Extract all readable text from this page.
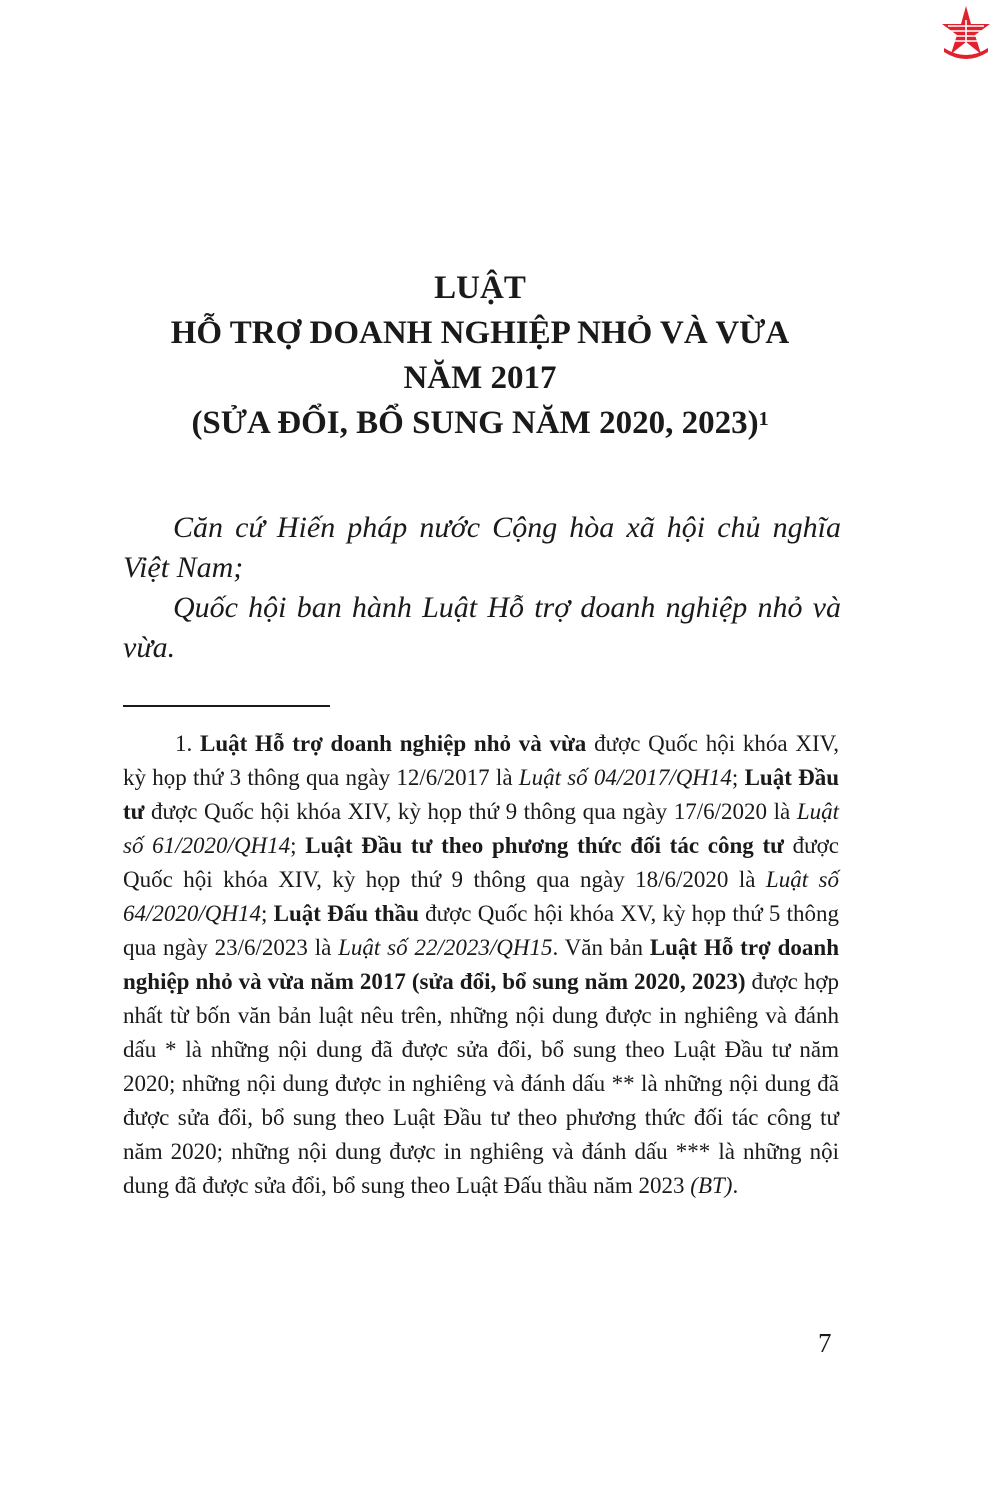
LUẬT
HỖ TRỢ DOANH NGHIỆP NHỎ VÀ VỪA
NĂM 2017
(SỬA ĐỔI, BỔ SUNG NĂM 2020, 2023)$^1$

Căn cứ Hiến pháp nước Cộng hòa xã hội chủ nghĩa Việt Nam;

Quốc hội ban hành Luật Hỗ trợ doanh nghiệp nhỏ và vừa.

1. Luật Hỗ trợ doanh nghiệp nhỏ và vừa được Quốc hội khóa XIV, kỳ họp thứ 3 thông qua ngày 12/6/2017 là Luật số 04/2017/QH14; Luật Đầu tư được Quốc hội khóa XIV, kỳ họp thứ 9 thông qua ngày 17/6/2020 là Luật số 61/2020/QH14; Luật Đầu tư theo phương thức đối tác công tư được Quốc hội khóa XIV, kỳ họp thứ 9 thông qua ngày 18/6/2020 là Luật số 64/2020/QH14; Luật Đấu thầu được Quốc hội khóa XV, kỳ họp thứ 5 thông qua ngày 23/6/2023 là Luật số 22/2023/QH15. Văn bản Luật Hỗ trợ doanh nghiệp nhỏ và vừa năm 2017 (sửa đổi, bổ sung năm 2020, 2023) được hợp nhất từ bốn văn bản luật nêu trên, những nội dung được in nghiêng và đánh dấu * là những nội dung đã được sửa đổi, bổ sung theo Luật Đầu tư năm 2020; những nội dung được in nghiêng và đánh dấu ** là những nội dung đã được sửa đổi, bổ sung theo Luật Đầu tư theo phương thức đối tác công tư năm 2020; những nội dung được in nghiêng và đánh dấu *** là những nội dung đã được sửa đổi, bổ sung theo Luật Đấu thầu năm 2023 (BT).

7
